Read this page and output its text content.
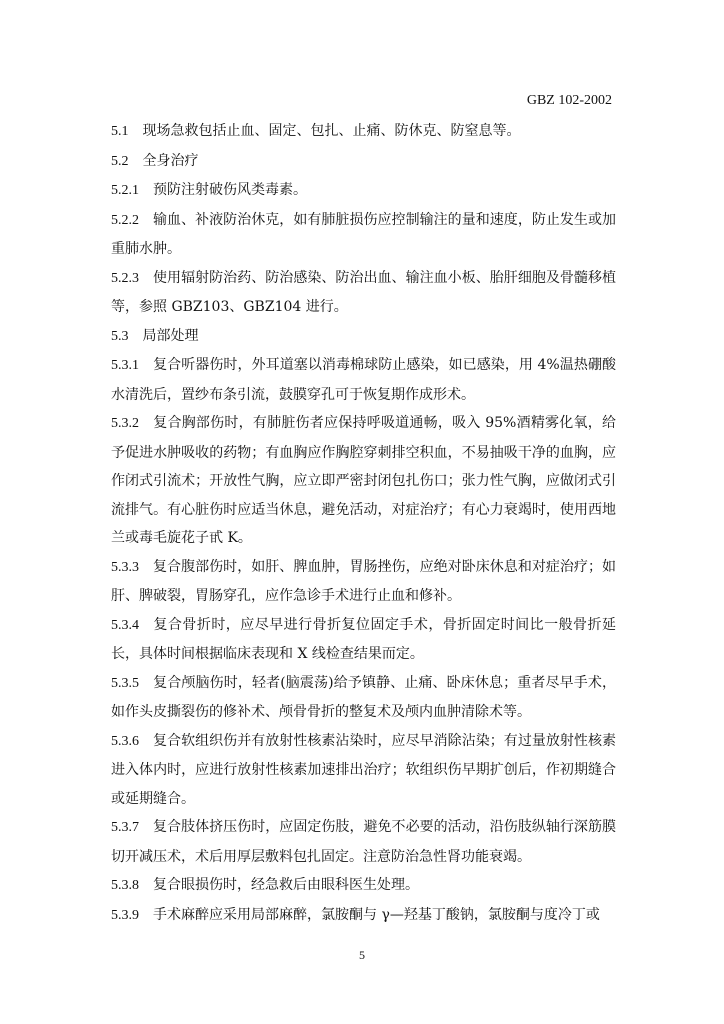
GBZ 102-2002

5.1 现场急救包括止血、固定、包扎、止痛、防休克、防窒息等。

5.2 全身治疗

5.2.1 预防注射破伤风类毒素。

5.2.2 输血、补液防治休克，如有肺脏损伤应控制输注的量和速度，防止发生或加重肺水肿。

5.2.3 使用辐射防治药、防治感染、防治出血、输注血小板、胎肝细胞及骨髓移植等，参照 GBZ103、GBZ104 进行。

5.3 局部处理

5.3.1 复合听器伤时，外耳道塞以消毒棉球防止感染，如已感染，用 4%温热硼酸水清洗后，置纱布条引流，鼓膜穿孔可于恢复期作成形术。

5.3.2 复合胸部伤时，有肺脏伤者应保持呼吸道通畅，吸入 95%酒精雾化氧，给予促进水肿吸收的药物；有血胸应作胸腔穿刺排空积血，不易抽吸干净的血胸，应作闭式引流术；开放性气胸，应立即严密封闭包扎伤口；张力性气胸，应做闭式引流排气。有心脏伤时应适当休息，避免活动，对症治疗；有心力衰竭时，使用西地兰或毒毛旋花子甙 K。

5.3.3 复合腹部伤时，如肝、脾血肿，胃肠挫伤，应绝对卧床休息和对症治疗；如肝、脾破裂，胃肠穿孔，应作急诊手术进行止血和修补。

5.3.4 复合骨折时，应尽早进行骨折复位固定手术，骨折固定时间比一般骨折延长，具体时间根据临床表现和 X 线检查结果而定。

5.3.5 复合颅脑伤时，轻者(脑震荡)给予镇静、止痛、卧床休息；重者尽早手术，如作头皮撕裂伤的修补术、颅骨骨折的整复术及颅内血肿清除术等。

5.3.6 复合软组织伤并有放射性核素沾染时，应尽早消除沾染；有过量放射性核素进入体内时，应进行放射性核素加速排出治疗；软组织伤早期扩创后，作初期缝合或延期缝合。

5.3.7 复合肢体挤压伤时，应固定伤肢，避免不必要的活动，沿伤肢纵轴行深筋膜切开减压术，术后用厚层敷料包扎固定。注意防治急性肾功能衰竭。

5.3.8 复合眼损伤时，经急救后由眼科医生处理。

5.3.9 手术麻醉应采用局部麻醉，氯胺酮与 γ—羟基丁酸钠，氯胺酮与度冷丁或

5
